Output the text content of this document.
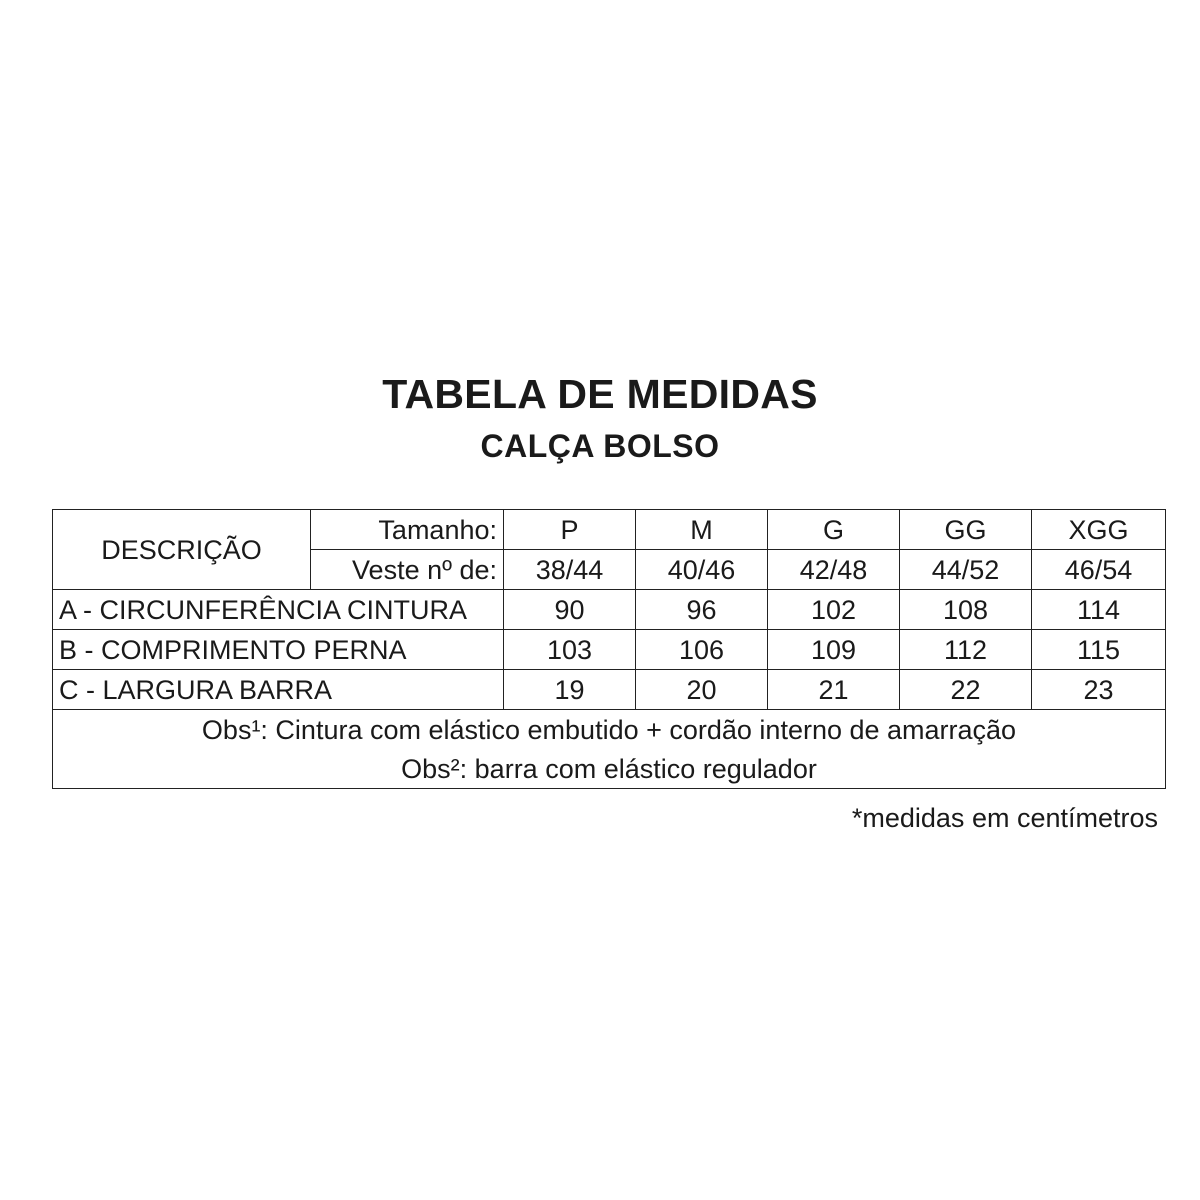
TABELA DE MEDIDAS
CALÇA BOLSO
DESCRIÇÃO	Tamanho:	P	M	G	GG	XGG
	Veste nº de:	38/44	40/46	42/48	44/52	46/54
A - CIRCUNFERÊNCIA CINTURA		90	96	102	108	114
B - COMPRIMENTO PERNA		103	106	109	112	115
C - LARGURA BARRA		19	20	21	22	23
Obs¹: Cintura com elástico embutido + cordão interno de amarração						
Obs²: barra com elástico regulador						
*medidas em centímetros
